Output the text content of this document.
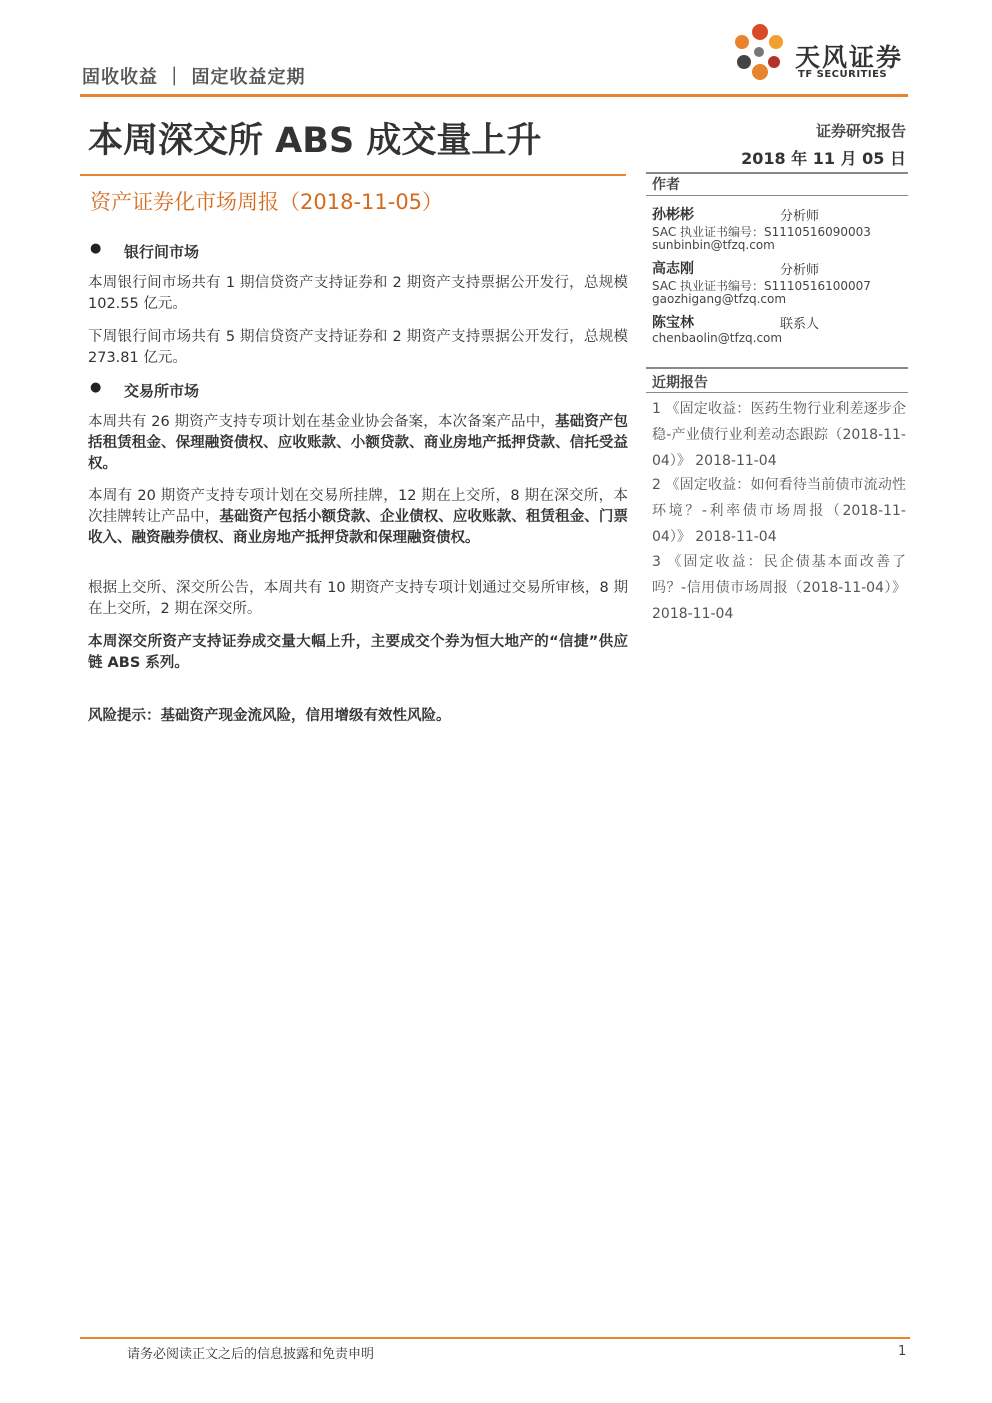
固收收益 ｜ 固定收益定期
天风证券
TF SECURITIES
本周深交所 ABS 成交量上升	证券研究报告
2018 年 11 月 05 日
资产证券化市场周报（2018-11-05）
● 银行间市场
本周银行间市场共有 1 期信贷资产支持证券和 2 期资产支持票据公开发行，总规模 102.55 亿元。
下周银行间市场共有 5 期信贷资产支持证券和 2 期资产支持票据公开发行，总规模 273.81 亿元。
● 交易所市场
本周共有 26 期资产支持专项计划在基金业协会备案，本次备案产品中，基础资产包括租赁租金、保理融资债权、应收账款、小额贷款、商业房地产抵押贷款、信托受益权。
本周有 20 期资产支持专项计划在交易所挂牌，12 期在上交所，8 期在深交所，本次挂牌转让产品中，基础资产包括小额贷款、企业债权、应收账款、租赁租金、门票收入、融资融券债权、商业房地产抵押贷款和保理融资债权。
根据上交所、深交所公告，本周共有 10 期资产支持专项计划通过交易所审核，8 期在上交所，2 期在深交所。
本周深交所资产支持证券成交量大幅上升，主要成交个券为恒大地产的“信捷”供应链 ABS 系列。
风险提示：基础资产现金流风险，信用增级有效性风险。
作者
孙彬彬	分析师
SAC 执业证书编号：S1110516090003
sunbinbin@tfzq.com
高志刚	分析师
SAC 执业证书编号：S1110516100007
gaozhigang@tfzq.com
陈宝林	联系人
chenbaolin@tfzq.com
近期报告
1 《固定收益：医药生物行业利差逐步企稳-产业债行业利差动态跟踪（2018-11-04）》 2018-11-04
2 《固定收益：如何看待当前债市流动性环境？-利率债市场周报（2018-11-04）》 2018-11-04
3 《固定收益：民企债基本面改善了吗？-信用债市场周报（2018-11-04）》 2018-11-04
请务必阅读正文之后的信息披露和免责申明	1
